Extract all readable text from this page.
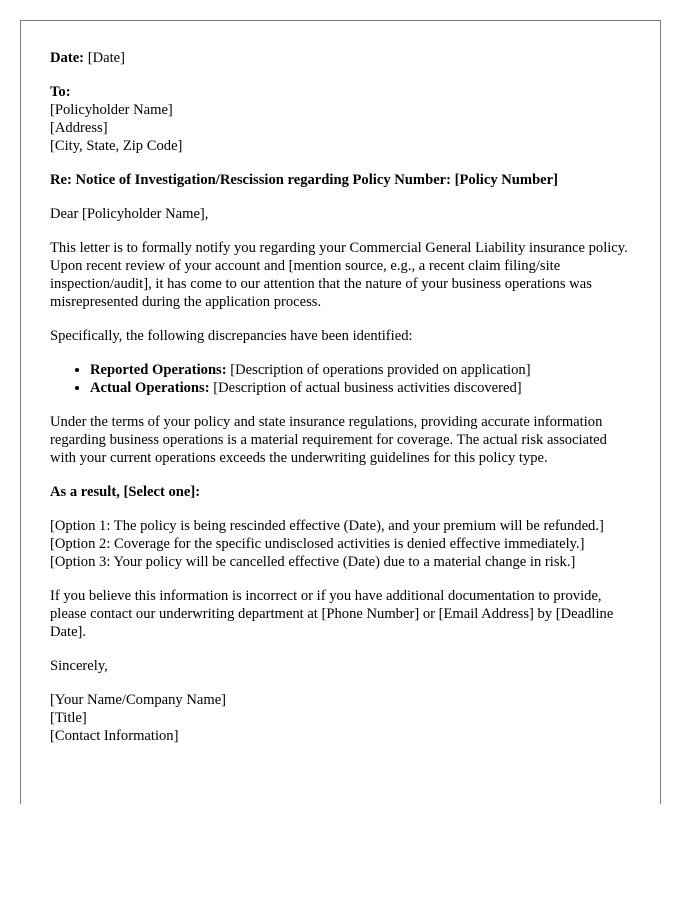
Date: [Date]

To:
[Policyholder Name]
[Address]
[City, State, Zip Code]

Re: Notice of Investigation/Rescission regarding Policy Number: [Policy Number]

Dear [Policyholder Name],

This letter is to formally notify you regarding your Commercial General Liability insurance policy. Upon recent review of your account and [mention source, e.g., a recent claim filing/site inspection/audit], it has come to our attention that the nature of your business operations was misrepresented during the application process.

Specifically, the following discrepancies have been identified:

• Reported Operations: [Description of operations provided on application]
• Actual Operations: [Description of actual business activities discovered]

Under the terms of your policy and state insurance regulations, providing accurate information regarding business operations is a material requirement for coverage. The actual risk associated with your current operations exceeds the underwriting guidelines for this policy type.

As a result, [Select one]:

[Option 1: The policy is being rescinded effective (Date), and your premium will be refunded.]
[Option 2: Coverage for the specific undisclosed activities is denied effective immediately.]
[Option 3: Your policy will be cancelled effective (Date) due to a material change in risk.]

If you believe this information is incorrect or if you have additional documentation to provide, please contact our underwriting department at [Phone Number] or [Email Address] by [Deadline Date].

Sincerely,

[Your Name/Company Name]
[Title]
[Contact Information]
